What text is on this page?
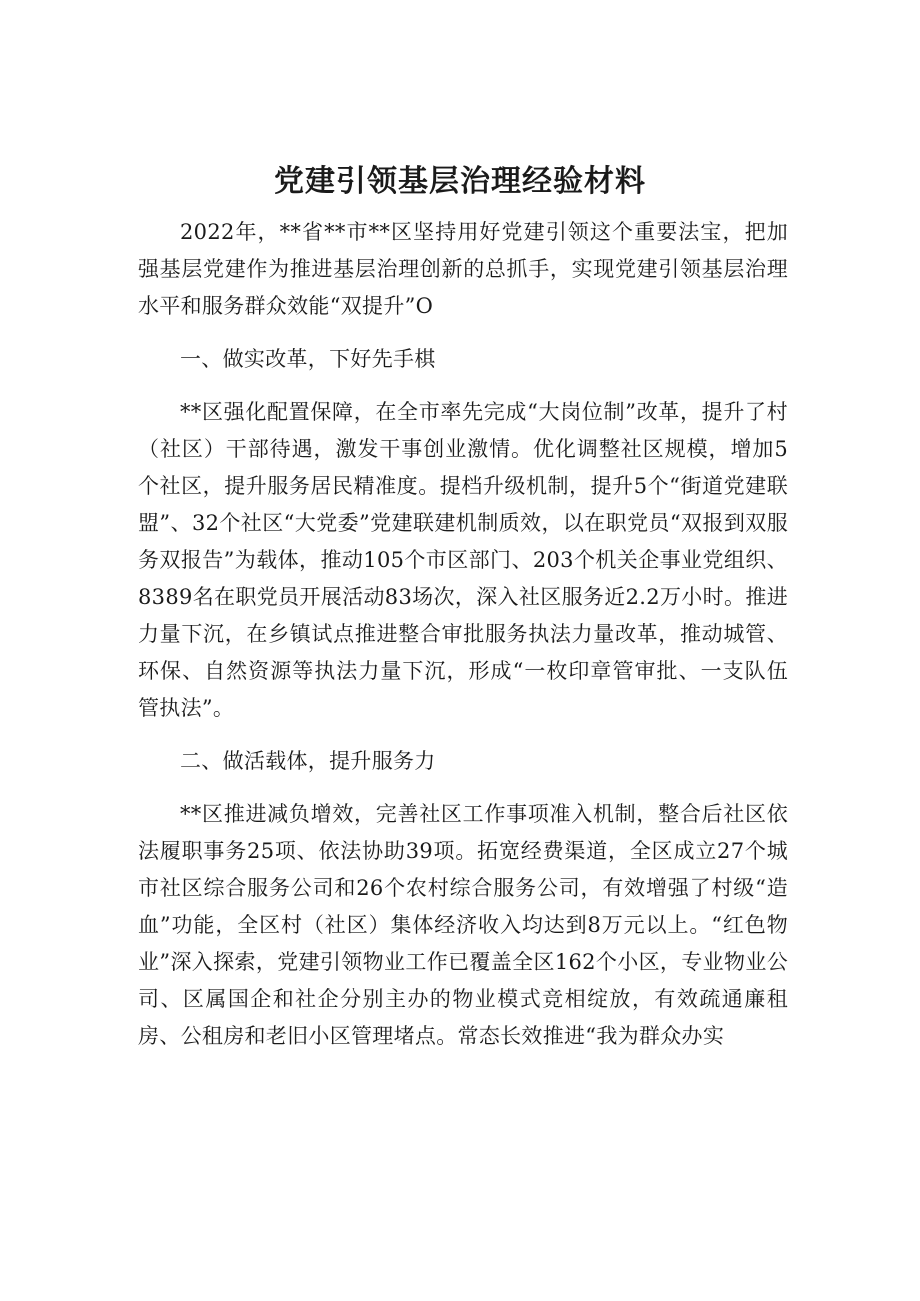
党建引领基层治理经验材料

2022年，**省**市**区坚持用好党建引领这个重要法宝，把加强基层党建作为推进基层治理创新的总抓手，实现党建引领基层治理水平和服务群众效能“双提升”O

一、做实改革，下好先手棋

**区强化配置保障，在全市率先完成“大岗位制”改革，提升了村（社区）干部待遇，激发干事创业激情。优化调整社区规模，增加5个社区，提升服务居民精准度。提档升级机制，提升5个“街道党建联盟”、32个社区“大党委”党建联建机制质效，以在职党员“双报到双服务双报告”为载体，推动105个市区部门、203个机关企事业党组织、8389名在职党员开展活动83场次，深入社区服务近2.2万小时。推进力量下沉，在乡镇试点推进整合审批服务执法力量改革，推动城管、环保、自然资源等执法力量下沉，形成“一枚印章管审批、一支队伍管执法”。

二、做活载体，提升服务力

**区推进减负增效，完善社区工作事项准入机制，整合后社区依法履职事务25项、依法协助39项。拓宽经费渠道，全区成立27个城市社区综合服务公司和26个农村综合服务公司，有效增强了村级“造血”功能，全区村（社区）集体经济收入均达到8万元以上。“红色物业”深入探索，党建引领物业工作已覆盖全区162个小区，专业物业公司、区属国企和社企分别主办的物业模式竞相绽放，有效疏通廉租房、公租房和老旧小区管理堵点。常态长效推进“我为群众办实
